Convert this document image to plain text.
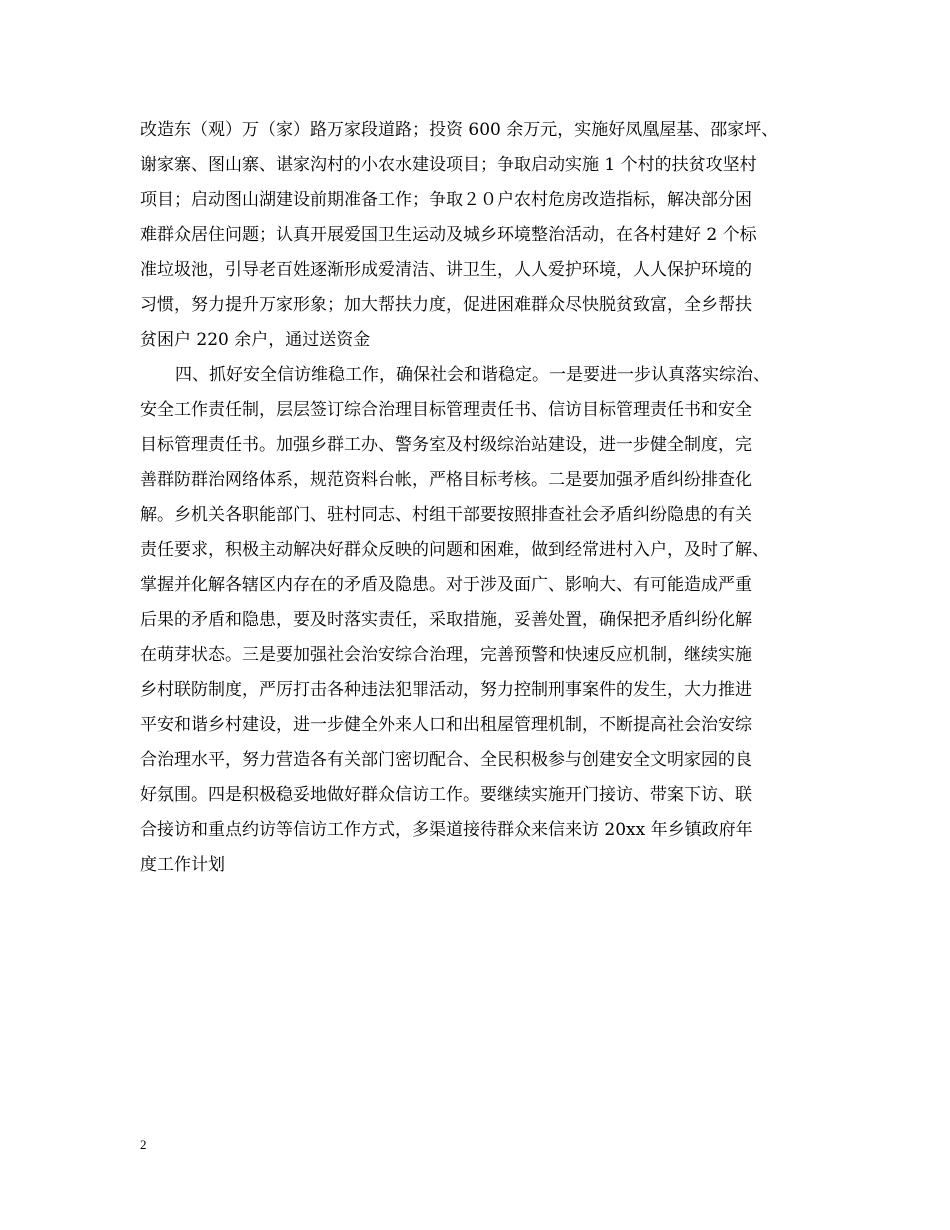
改造东（观）万（家）路万家段道路；投资 600 余万元，实施好凤凰屋基、邵家坪、
谢家寨、图山寨、谌家沟村的小农水建设项目；争取启动实施 1 个村的扶贫攻坚村
项目；启动图山湖建设前期准备工作；争取２０户农村危房改造指标，解决部分困
难群众居住问题；认真开展爱国卫生运动及城乡环境整治活动，在各村建好 2 个标
准垃圾池，引导老百姓逐渐形成爱清洁、讲卫生，人人爱护环境，人人保护环境的
习惯，努力提升万家形象；加大帮扶力度，促进困难群众尽快脱贫致富，全乡帮扶
贫困户 220 余户，通过送资金
四、抓好安全信访维稳工作，确保社会和谐稳定。一是要进一步认真落实综治、
安全工作责任制，层层签订综合治理目标管理责任书、信访目标管理责任书和安全
目标管理责任书。加强乡群工办、警务室及村级综治站建设，进一步健全制度，完
善群防群治网络体系，规范资料台帐，严格目标考核。二是要加强矛盾纠纷排查化
解。乡机关各职能部门、驻村同志、村组干部要按照排查社会矛盾纠纷隐患的有关
责任要求，积极主动解决好群众反映的问题和困难，做到经常进村入户，及时了解、
掌握并化解各辖区内存在的矛盾及隐患。对于涉及面广、影响大、有可能造成严重
后果的矛盾和隐患，要及时落实责任，采取措施，妥善处置，确保把矛盾纠纷化解
在萌芽状态。三是要加强社会治安综合治理，完善预警和快速反应机制，继续实施
乡村联防制度，严厉打击各种违法犯罪活动，努力控制刑事案件的发生，大力推进
平安和谐乡村建设，进一步健全外来人口和出租屋管理机制，不断提高社会治安综
合治理水平，努力营造各有关部门密切配合、全民积极参与创建安全文明家园的良
好氛围。四是积极稳妥地做好群众信访工作。要继续实施开门接访、带案下访、联
合接访和重点约访等信访工作方式，多渠道接待群众来信来访 20xx 年乡镇政府年
度工作计划
2
